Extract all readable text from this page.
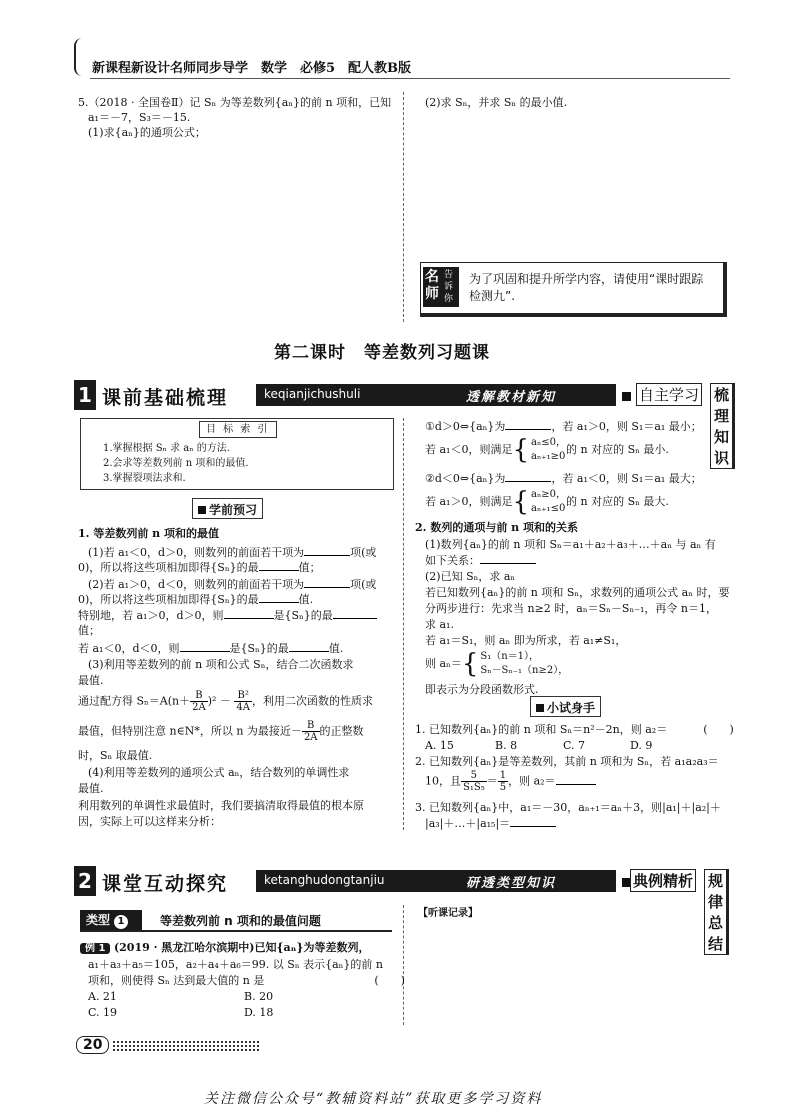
新课程新设计名师同步导学　数学　必修5　配人教B版
5.（2018 · 全国卷Ⅱ）记 Sₙ 为等差数列{aₙ}的前 n 项和，已知
a₁＝－7，S₃＝－15.
(1)求{aₙ}的通项公式；
(2)求 Sₙ，并求 Sₙ 的最小值.
名师
告诉你
为了巩固和提升所学内容，请使用“课时跟踪检测九”.
第二课时　等差数列习题课
1 课前基础梳理	keqianjichushuli	透解教材新知	自主学习 梳理知识
目 标 索 引
1.掌握根据 Sₙ 求 aₙ 的方法.
2.会求等差数列前 n 项和的最值.
3.掌握裂项法求和.
学前预习
1. 等差数列前 n 项和的最值
(1)若 a₁＜0，d＞0，则数列的前面若干项为	项(或
0)，所以将这些项相加即得{Sₙ}的最	值；
(2)若 a₁＞0，d＜0，则数列的前面若干项为	项(或
0)，所以将这些项相加即得{Sₙ}的最	值.
特别地，若 a₁＞0，d＞0，则	是{Sₙ}的最
值；
若 a₁＜0，d＜0，则	是{Sₙ}的最	值.
(3)利用等差数列的前 n 项和公式 Sₙ，结合二次函数求
最值.
通过配方得 $S_n=A(n+ \frac{B}{2A} )^2 - \frac{\text{B²}}{4A}$ ，利用二次函数的性质求
最值，但特别注意 n∈N*，所以 n 为最接近－ $\frac{B}{2A}$ 的正整数
时，Sₙ 取最值.
(4)利用等差数列的通项公式 aₙ，结合数列的单调性求
最值.
利用数列的单调性求最值时，我们要搞清取得最值的根本原
因，实际上可以这样来分析：
①d＞0⇔{aₙ}为	，若 a₁＞0，则 S₁＝a₁ 最小；
若 a₁＜0，则满足{ aₙ≤0，
aₙ₊₁≥0
的 n 对应的 Sₙ 最小.
②d＜0⇔{aₙ}为	，若 a₁＜0，则 S₁＝a₁ 最大；
若 a₁＞0，则满足{ aₙ≥0，
aₙ₊₁≤0
的 n 对应的 Sₙ 最大.
2. 数列的通项与前 n 项和的关系
(1)数列{aₙ}的前 n 项和 Sₙ＝a₁＋a₂＋a₃＋…＋aₙ 与 aₙ 有
如下关系：
(2)已知 Sₙ，求 aₙ
若已知数列{aₙ}的前 n 项和 Sₙ，求数列的通项公式 aₙ 时，要
分两步进行：先求当 n≥2 时，aₙ＝Sₙ－Sₙ₋₁，再令 n＝1，
求 a₁.
若 a₁＝S₁，则 aₙ 即为所求，若 a₁≠S₁，
则 aₙ＝{ S₁（n＝1），
Sₙ－Sₙ₋₁（n≥2），
即表示为分段函数形式.
小试身手
1. 已知数列{aₙ}的前 n 项和 Sₙ＝n²－2n，则 a₂＝	(　　)
A. 15	B. 8	C. 7	D. 9
2. 已知数列{aₙ}是等差数列，其前 n 项和为 Sₙ，若 a₁a₂a₃＝
10，且 $\frac{5}{\text{S₁S₅}} = \frac{1}{5}$ ，则 a₂＝
3. 已知数列{aₙ}中，a₁＝－30，aₙ₊₁＝aₙ＋3，则|a₁|＋|a₂|＋
|a₃|＋…＋|a₁₅|＝
2 课堂互动探究	ketanghudongtanjiu	研透类型知识	典例精析 规律总结
类型 1	等差数列前 n 项和的最值问题
【听课记录】
例 1 (2019 · 黑龙江哈尔滨期中)已知{aₙ}为等差数列，
a₁＋a₃＋a₅＝105，a₂＋a₄＋a₆＝99. 以 Sₙ 表示{aₙ}的前 n
项和，则使得 Sₙ 达到最大值的 n 是	(　　)
A. 21	B. 20
C. 19	D. 18
20
关注微信公众号“教辅资料站”获取更多学习资料
